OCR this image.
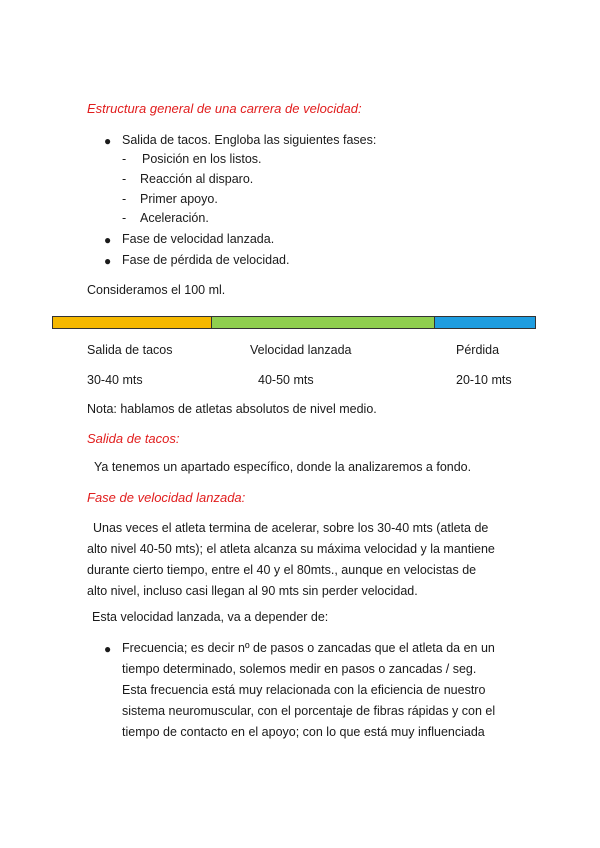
Estructura general de una carrera de velocidad:
● Salida de tacos. Engloba las siguientes fases:
- Posición en los listos.
- Reacción al disparo.
- Primer apoyo.
- Aceleración.
● Fase de velocidad lanzada.
● Fase de pérdida de velocidad.
Consideramos el 100 ml.
Salida de tacos	Velocidad lanzada	Pérdida
30-40 mts	40-50 mts	20-10 mts
Nota: hablamos de atletas absolutos de nivel medio.
Salida de tacos:
Ya tenemos un apartado específico, donde la analizaremos a fondo.
Fase de velocidad lanzada:
Unas veces el atleta termina de acelerar, sobre los 30-40 mts (atleta de
alto nivel 40-50 mts); el atleta alcanza su máxima velocidad y la mantiene
durante cierto tiempo, entre el 40 y el 80mts., aunque en velocistas de
alto nivel, incluso casi llegan al 90 mts sin perder velocidad.
Esta velocidad lanzada, va a depender de:
● Frecuencia; es decir nº de pasos o zancadas que el atleta da en un
tiempo determinado, solemos medir en pasos o zancadas / seg.
Esta frecuencia está muy relacionada con la eficiencia de nuestro
sistema neuromuscular, con el porcentaje de fibras rápidas y con el
tiempo de contacto en el apoyo; con lo que está muy influenciada
